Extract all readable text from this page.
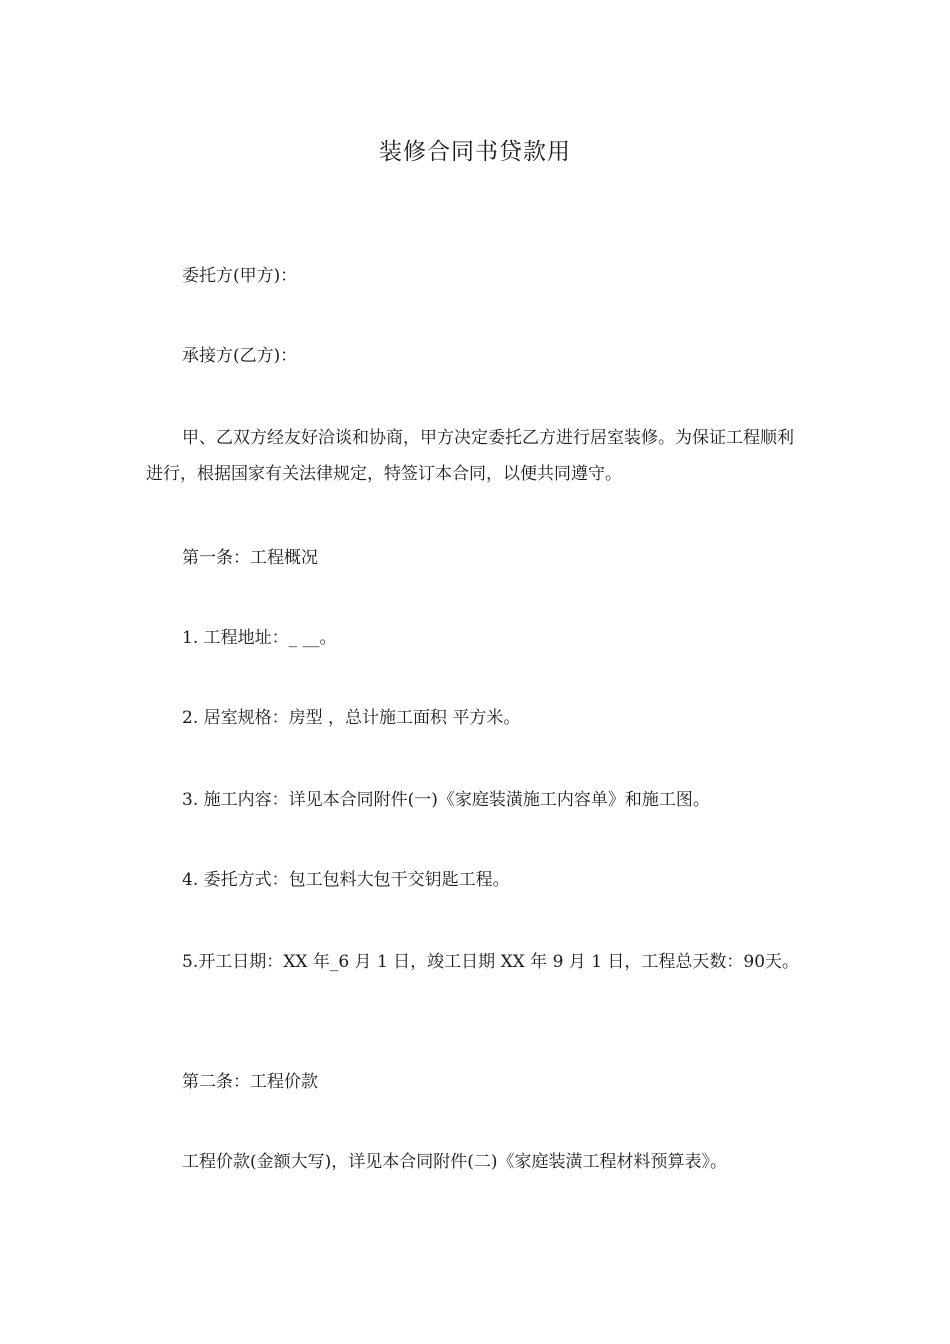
装修合同书贷款用
委托方(甲方)：
承接方(乙方)：
甲、乙双方经友好洽谈和协商，甲方决定委托乙方进行居室装修。为保证工程顺利进行，根据国家有关法律规定，特签订本合同，以便共同遵守。
第一条：工程概况
1. 工程地址：_ __。
2. 居室规格：房型 ，总计施工面积 平方米。
3. 施工内容：详见本合同附件(一)《家庭装潢施工内容单》和施工图。
4. 委托方式：包工包料大包干交钥匙工程。
5.开工日期：XX 年_6 月 1 日，竣工日期 XX 年 9 月 1 日，工程总天数：90天。
第二条：工程价款
工程价款(金额大写)，详见本合同附件(二)《家庭装潢工程材料预算表》。
